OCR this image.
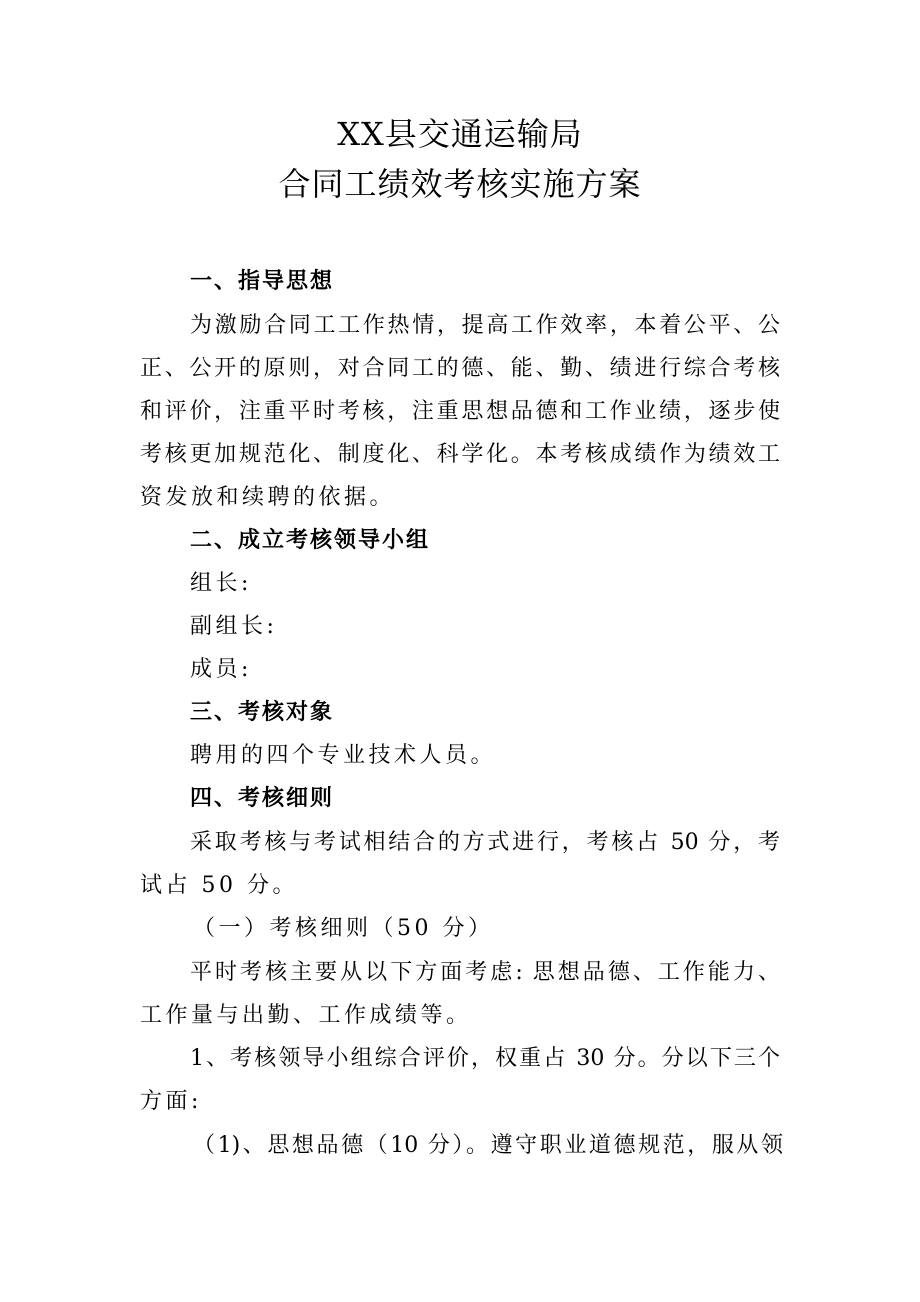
XX县交通运输局
合同工绩效考核实施方案
一、指导思想
为激励合同工工作热情，提高工作效率，本着公平、公
正、公开的原则，对合同工的德、能、勤、绩进行综合考核
和评价，注重平时考核，注重思想品德和工作业绩，逐步使
考核更加规范化、制度化、科学化。本考核成绩作为绩效工
资发放和续聘的依据。
二、成立考核领导小组
组长:
副组长:
成员:
三、考核对象
聘用的四个专业技术人员。
四、考核细则
采取考核与考试相结合的方式进行，考核占 50 分，考
试占 50 分。
（一）考核细则（50 分）
平时考核主要从以下方面考虑: 思想品德、工作能力、
工作量与出勤、工作成绩等。
1、考核领导小组综合评价，权重占 30 分。分以下三个
方面:
（1)、思想品德（10 分）。遵守职业道德规范，服从领
